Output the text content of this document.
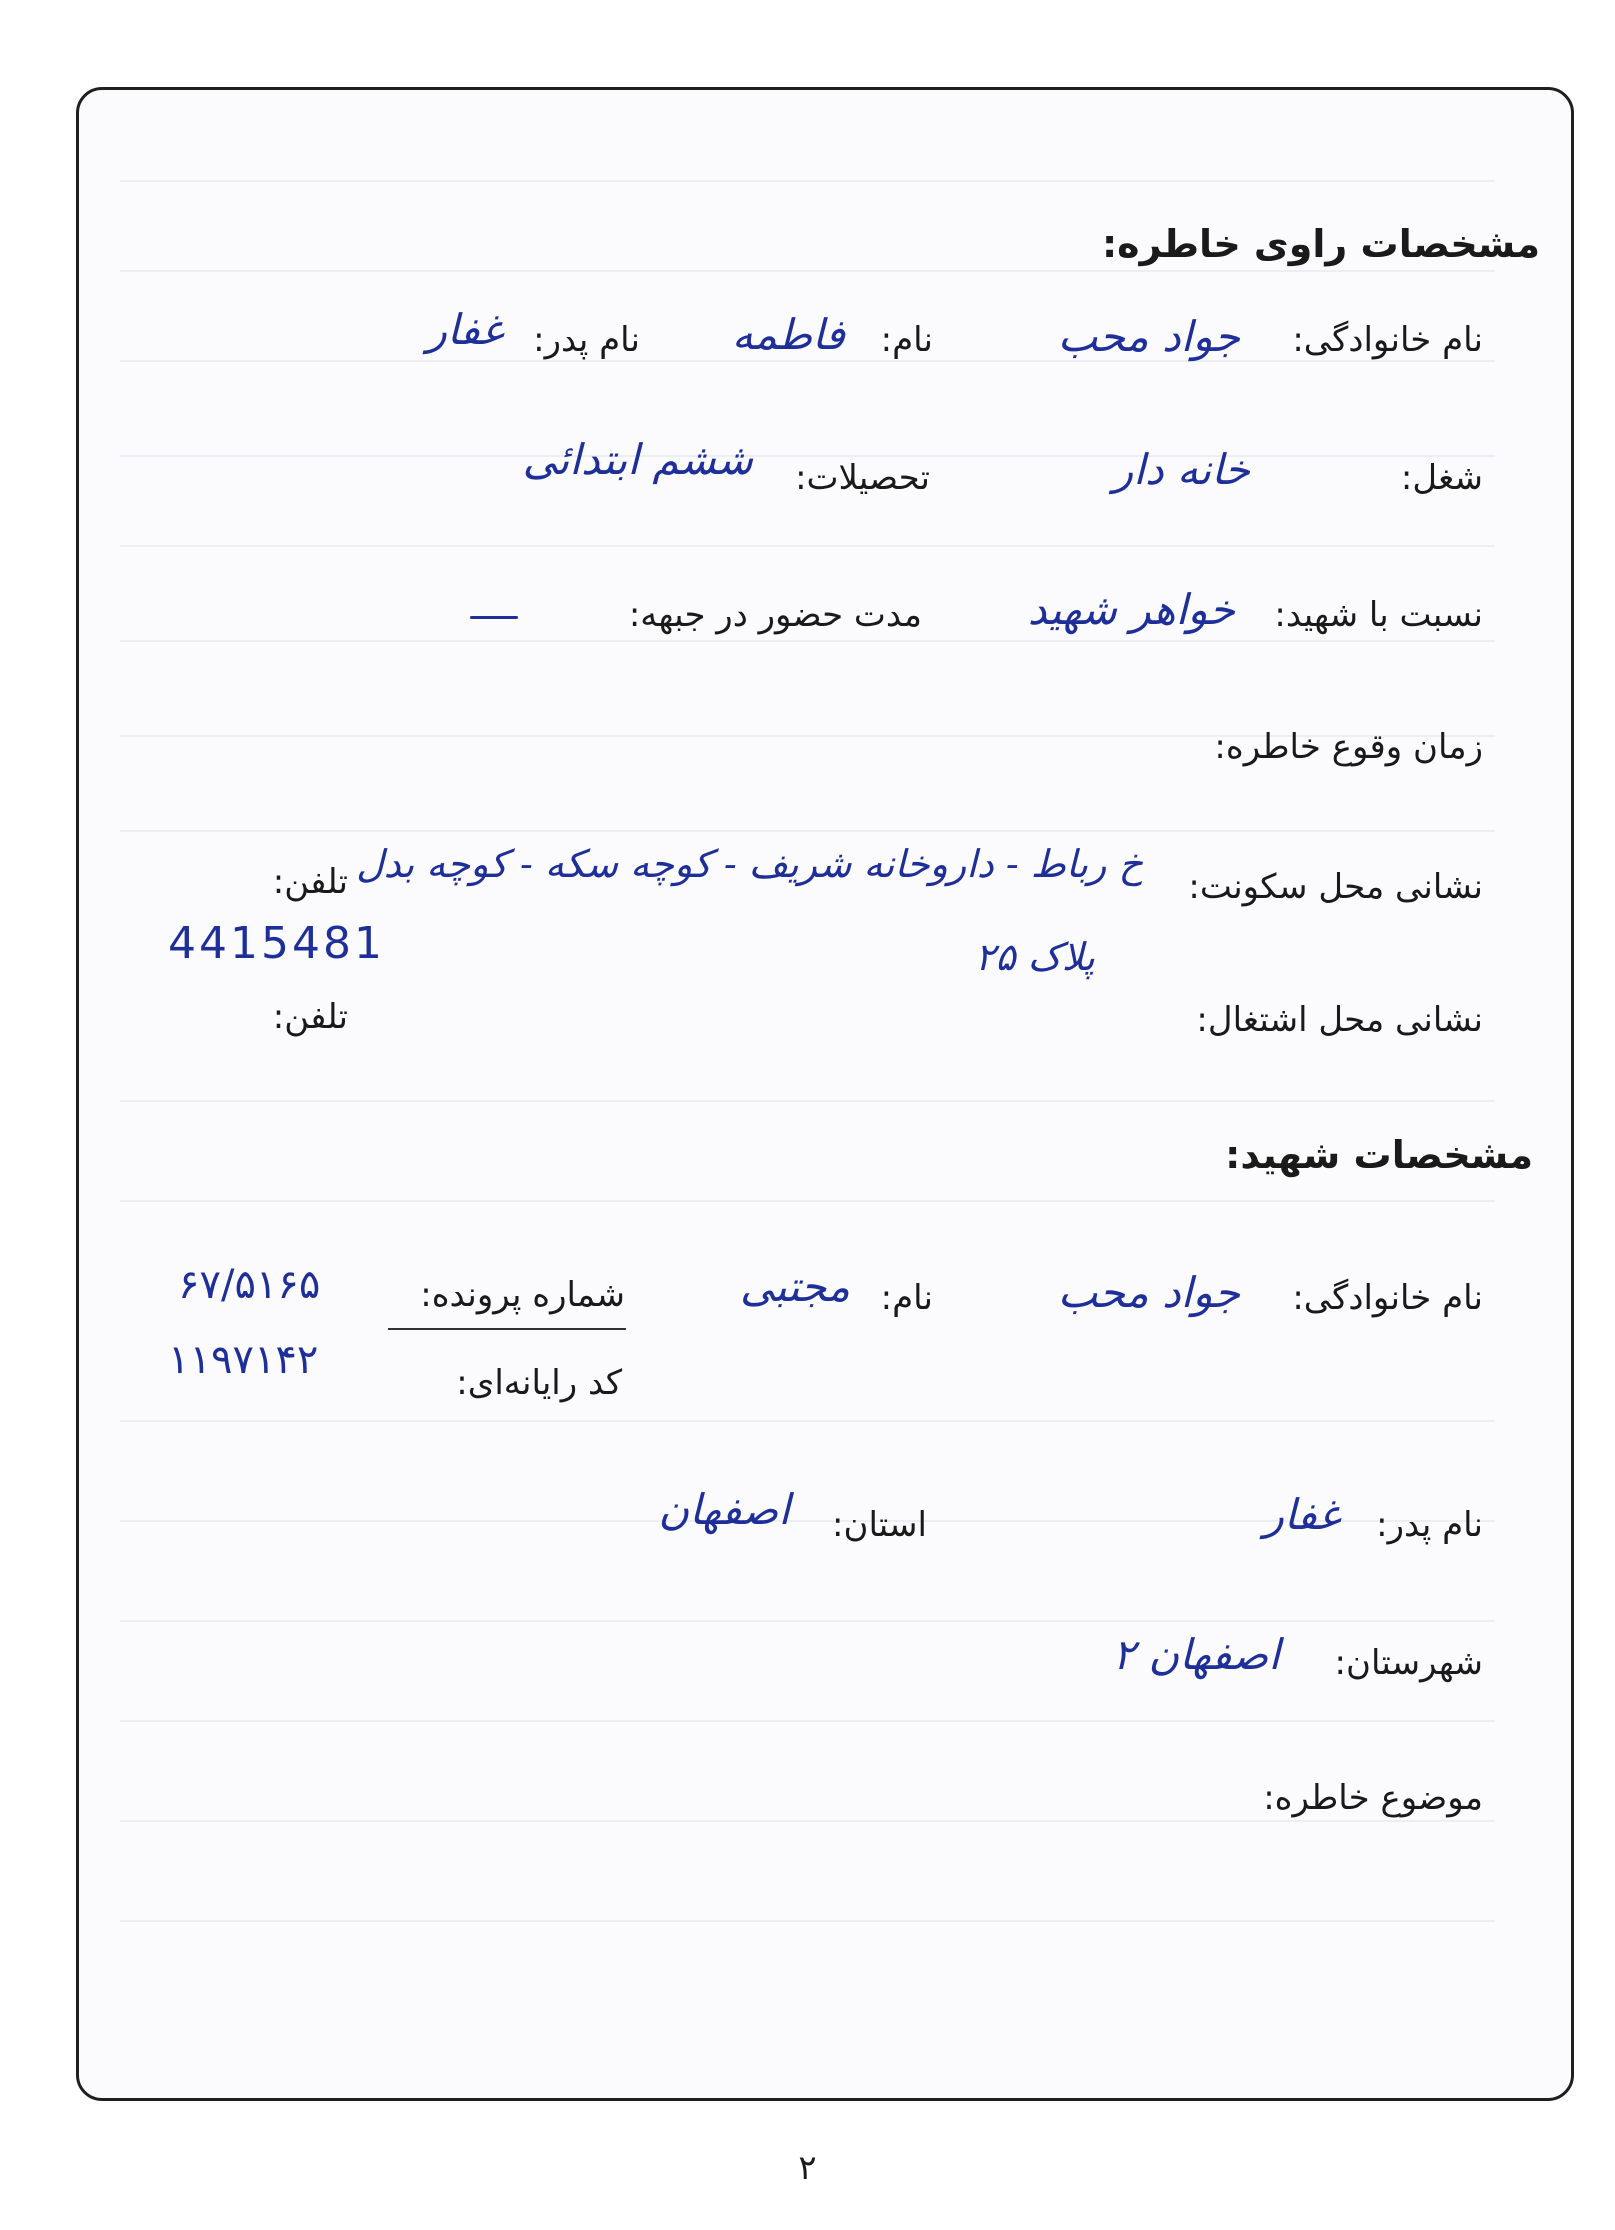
مشخصات راوی خاطره:
نام خانوادگی:
جواد محب
نام:
فاطمه
نام پدر:
غفار
شغل:
خانه دار
تحصیلات:
ششم ابتدائی
نسبت با شهید:
خواهر شهید
مدت حضور در جبهه:
زمان وقوع خاطره:
نشانی محل سکونت:
خ رباط - داروخانه شریف - کوچه سکه - کوچه بدل
پلاک ۲۵
تلفن:
4415481
نشانی محل اشتغال:
تلفن:
مشخصات شهید:
نام خانوادگی:
جواد محب
نام:
مجتبی
شماره پرونده:
۶۷/۵۱۶۵
کد رایانه‌ای:
۱۱۹۷۱۴۲
نام پدر:
غفار
استان:
اصفهان
شهرستان:
اصفهان ۲
موضوع خاطره:
۲
